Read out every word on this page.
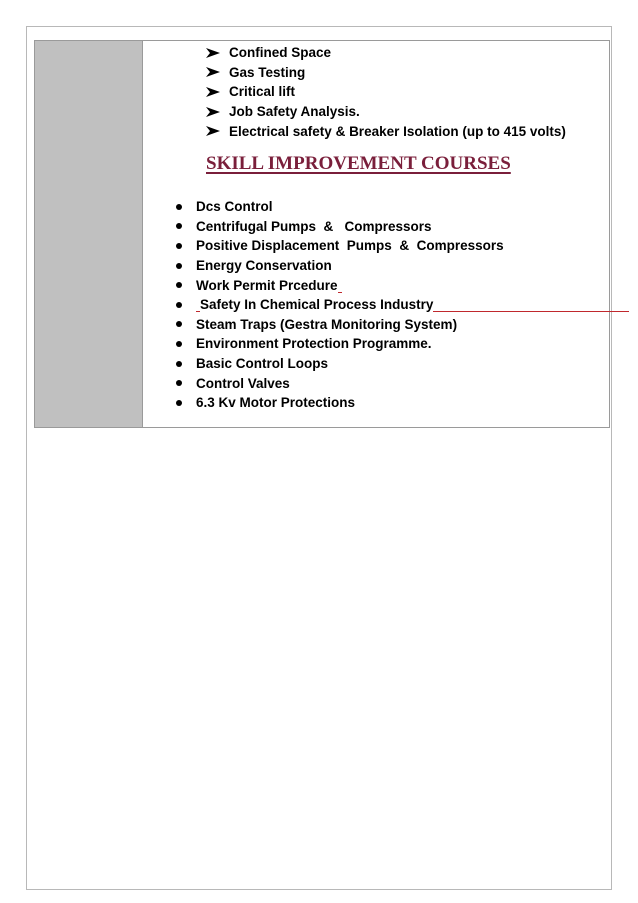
Confined Space
Gas Testing
Critical lift
Job Safety Analysis.
Electrical safety & Breaker Isolation (up to 415 volts)
SKILL IMPROVEMENT COURSES
Dcs Control
Centrifugal Pumps  &   Compressors
Positive Displacement  Pumps  &  Compressors
Energy Conservation
Work Permit Prcedure
Safety In Chemical Process Industry
Steam Traps (Gestra Monitoring System)
Environment Protection Programme.
Basic Control Loops
Control Valves
6.3 Kv Motor Protections
